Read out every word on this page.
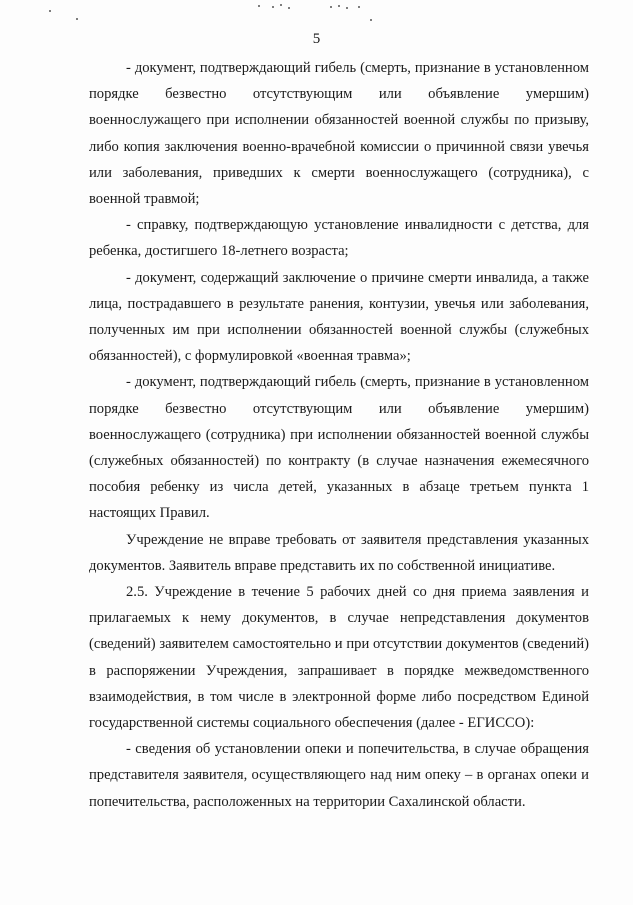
5

- документ, подтверждающий гибель (смерть, признание в установленном порядке безвестно отсутствующим или объявление умершим) военнослужащего при исполнении обязанностей военной службы по призыву, либо копия заключения военно-врачебной комиссии о причинной связи увечья или заболевания, приведших к смерти военнослужащего (сотрудника), с военной травмой;

- справку, подтверждающую установление инвалидности с детства, для ребенка, достигшего 18-летнего возраста;

- документ, содержащий заключение о причине смерти инвалида, а также лица, пострадавшего в результате ранения, контузии, увечья или заболевания, полученных им при исполнении обязанностей военной службы (служебных обязанностей), с формулировкой «военная травма»;

- документ, подтверждающий гибель (смерть, признание в установленном порядке безвестно отсутствующим или объявление умершим) военнослужащего (сотрудника) при исполнении обязанностей военной службы (служебных обязанностей) по контракту (в случае назначения ежемесячного пособия ребенку из числа детей, указанных в абзаце третьем пункта 1 настоящих Правил.

Учреждение не вправе требовать от заявителя представления указанных документов. Заявитель вправе представить их по собственной инициативе.

2.5. Учреждение в течение 5 рабочих дней со дня приема заявления и прилагаемых к нему документов, в случае непредставления документов (сведений) заявителем самостоятельно и при отсутствии документов (сведений) в распоряжении Учреждения, запрашивает в порядке межведомственного взаимодействия, в том числе в электронной форме либо посредством Единой государственной системы социального обеспечения (далее - ЕГИССО):

- сведения об установлении опеки и попечительства, в случае обращения представителя заявителя, осуществляющего над ним опеку – в органах опеки и попечительства, расположенных на территории Сахалинской области.
